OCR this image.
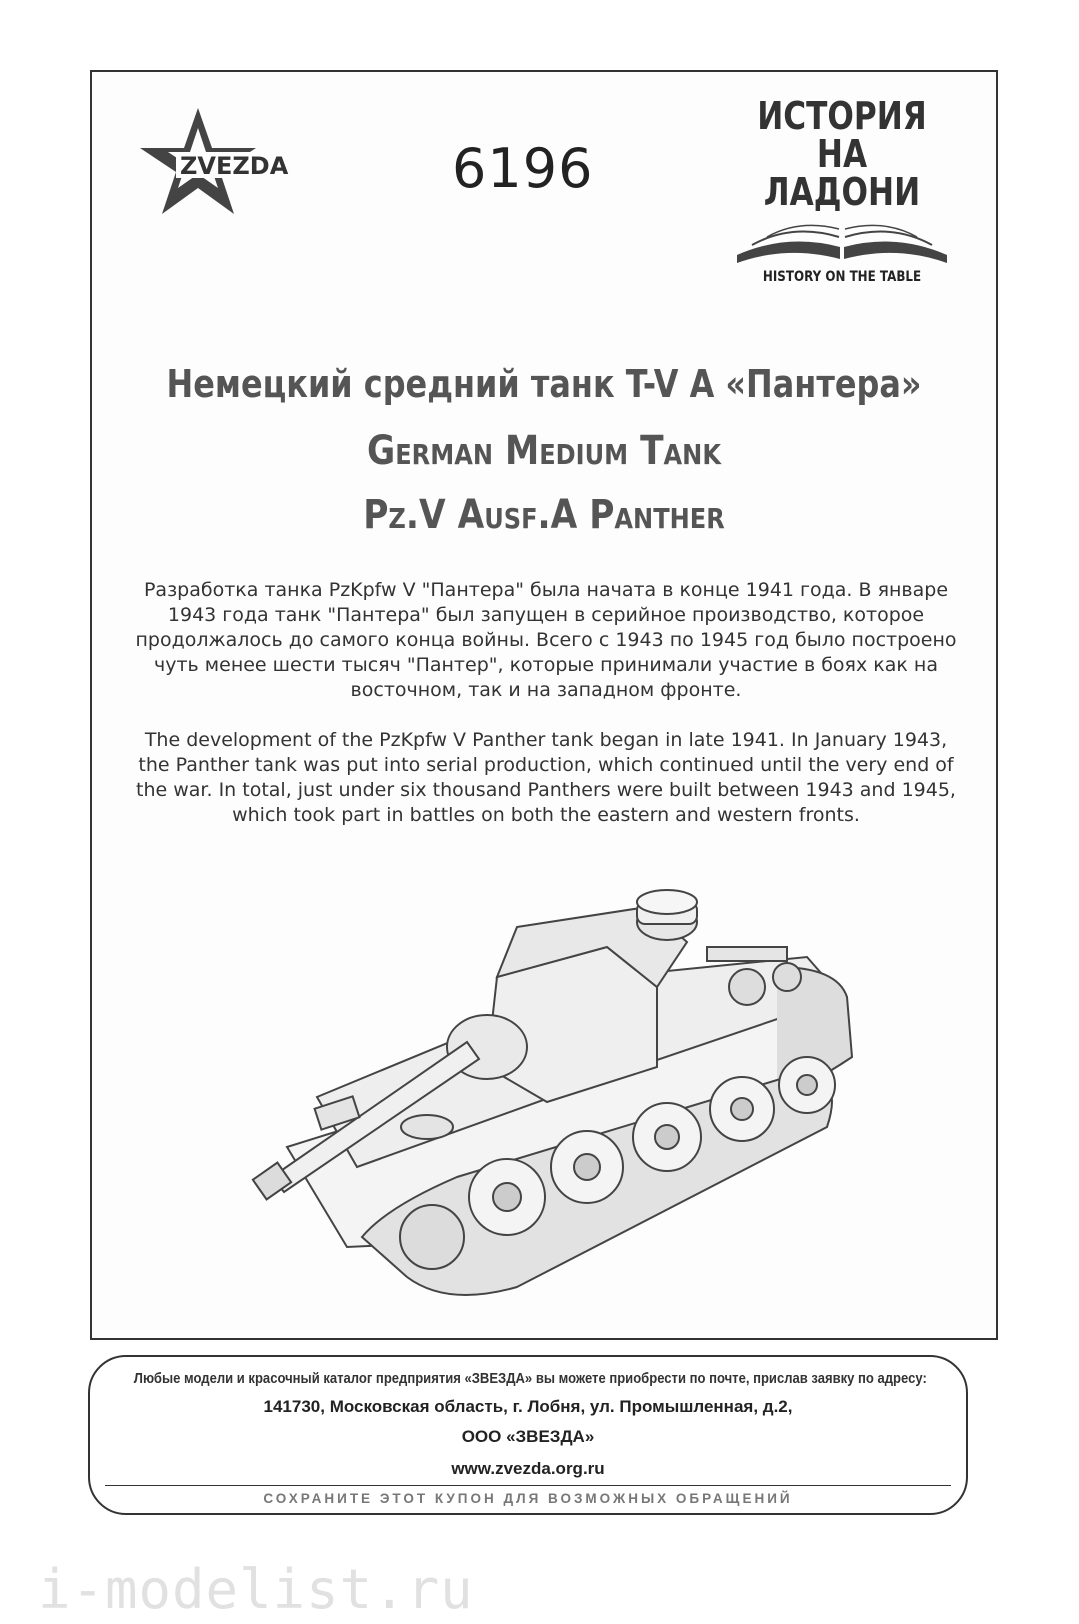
ZVEZDA	6196
ИСТОРИЯ
НА ЛАДОНИ
HISTORY ON THE TABLE
Немецкий средний танк T-V A «Пантера»
German Medium Tank
Pz.V Ausf.A Panther
Разработка танка PzKpfw V "Пантера" была начата в конце 1941 года. В январе 1943 года танк "Пантера" был запущен в серийное производство, которое продолжалось до самого конца войны. Всего с 1943 по 1945 год было построено чуть менее шести тысяч "Пантер", которые принимали участие в боях как на восточном, так и на западном фронте.
The development of the PzKpfw V Panther tank began in late 1941. In January 1943, the Panther tank was put into serial production, which continued until the very end of the war. In total, just under six thousand Panthers were built between 1943 and 1945, which took part in battles on both the eastern and western fronts.
Любые модели и красочный каталог предприятия «ЗВЕЗДА» вы можете приобрести по почте, прислав заявку по адресу:
141730, Московская область, г. Лобня, ул. Промышленная, д.2,
ООО «ЗВЕЗДА»
www.zvezda.org.ru
СОХРАНИТЕ ЭТОТ КУПОН ДЛЯ ВОЗМОЖНЫХ ОБРАЩЕНИЙ
i-modelist.ru
